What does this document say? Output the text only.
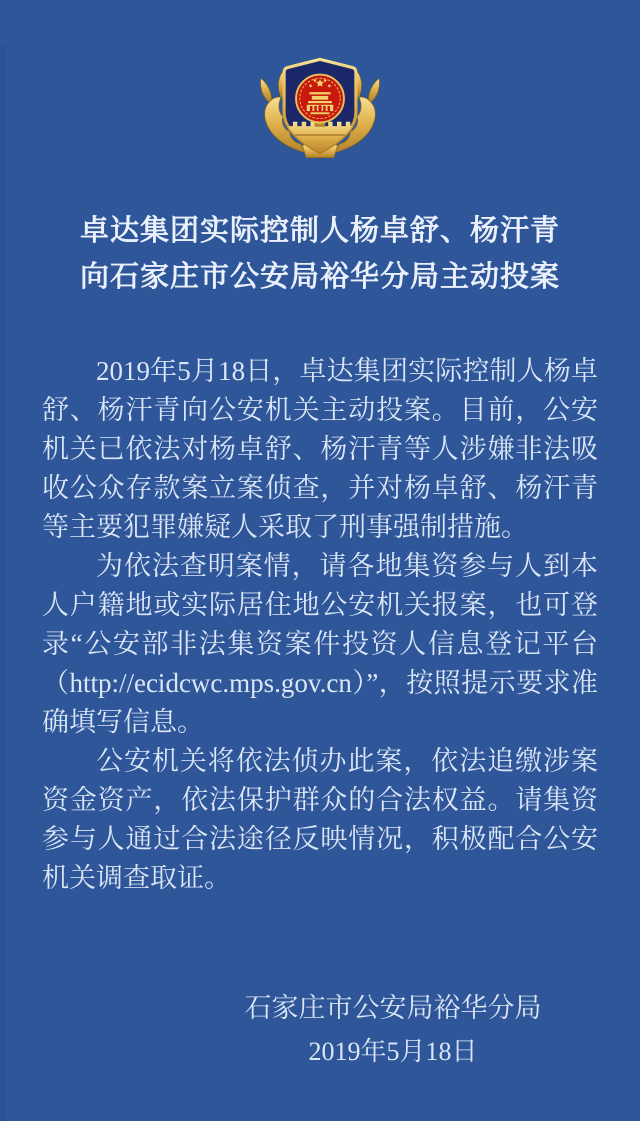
卓达集团实际控制人杨卓舒、杨汗青
向石家庄市公安局裕华分局主动投案

2019年5月18日，卓达集团实际控制人杨卓舒、杨汗青向公安机关主动投案。目前，公安机关已依法对杨卓舒、杨汗青等人涉嫌非法吸收公众存款案立案侦查，并对杨卓舒、杨汗青等主要犯罪嫌疑人采取了刑事强制措施。

为依法查明案情，请各地集资参与人到本人户籍地或实际居住地公安机关报案，也可登录“公安部非法集资案件投资人信息登记平台（http://ecidcwc.mps.gov.cn）”，按照提示要求准确填写信息。

公安机关将依法侦办此案，依法追缴涉案资金资产，依法保护群众的合法权益。请集资参与人通过合法途径反映情况，积极配合公安机关调查取证。

石家庄市公安局裕华分局
2019年5月18日
